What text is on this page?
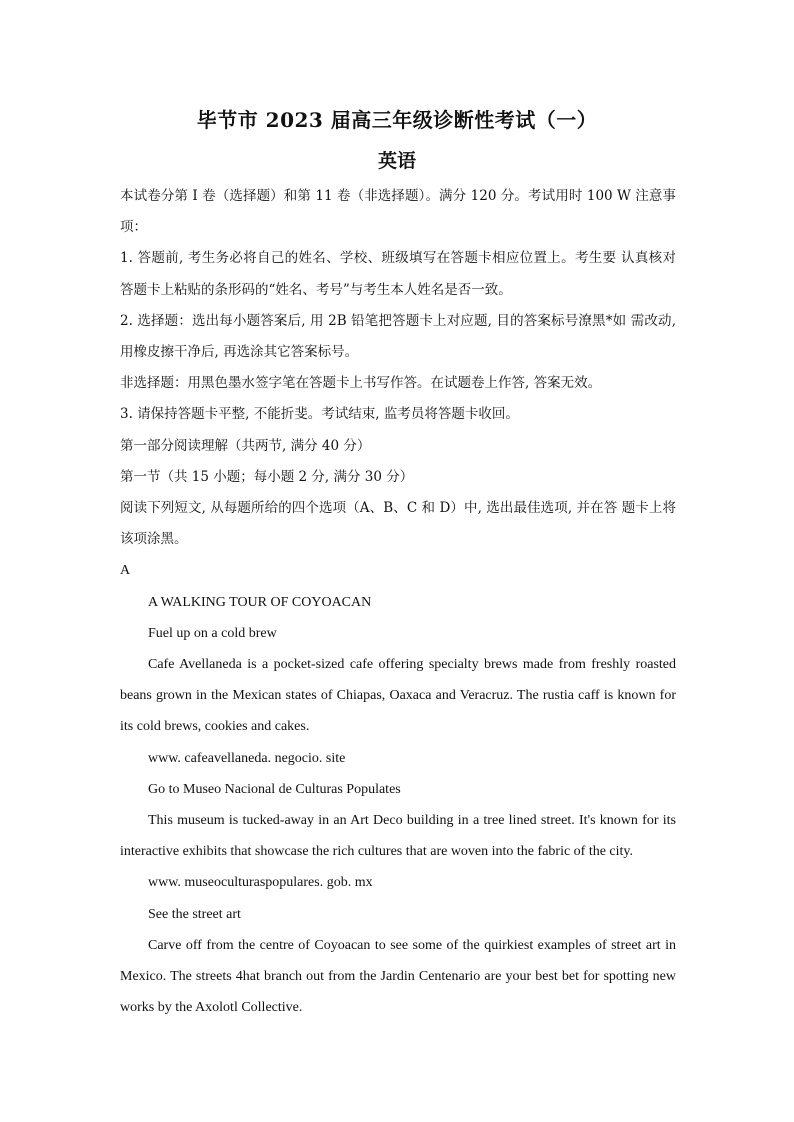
毕节市 2023 届高三年级诊断性考试（一）
英语

本试卷分第 I 卷（选择题）和第 11 卷（非选择题）。满分 120 分。考试用时 100 W 注意事项：

1. 答题前, 考生务必将自己的姓名、学校、班级填写在答题卡相应位置上。考生要 认真核对答题卡上粘贴的条形码的“姓名、考号”与考生本人姓名是否一致。

2. 选择题：选出每小题答案后, 用 2B 铅笔把答题卡上对应题, 目的答案标号潦黑*如 需改动, 用橡皮擦干净后, 再选涂其它答案标号。

非选择题：用黑色墨水签字笔在答题卡上书写作答。在试题卷上作答, 答案无效。

3. 请保持答题卡平整, 不能折斐。考试结束, 监考员将答题卡收回。

第一部分阅读理解（共两节, 满分 40 分）

第一节（共 15 小题；每小题 2 分, 满分 30 分）

阅读下列短文, 从每题所给的四个选项（A、B、C 和 D）中, 选出最佳选项, 并在答 题卡上将该项涂黑。

A

A WALKING TOUR OF COYOACAN

Fuel up on a cold brew

Cafe Avellaneda is a pocket-sized cafe offering specialty brews made from freshly roasted beans grown in the Mexican states of Chiapas, Oaxaca and Veracruz. The rustia caff is known for its cold brews, cookies and cakes.

www. cafeavellaneda. negocio. site

Go to Museo Nacional de Culturas Populates

This museum is tucked-away in an Art Deco building in a tree lined street. It's known for its interactive exhibits that showcase the rich cultures that are woven into the fabric of the city.

www. museoculturaspopulares. gob. mx

See the street art

Carve off from the centre of Coyoacan to see some of the quirkiest examples of street art in Mexico. The streets 4hat branch out from the Jardin Centenario are your best bet for spotting new works by the Axolotl Collective.
